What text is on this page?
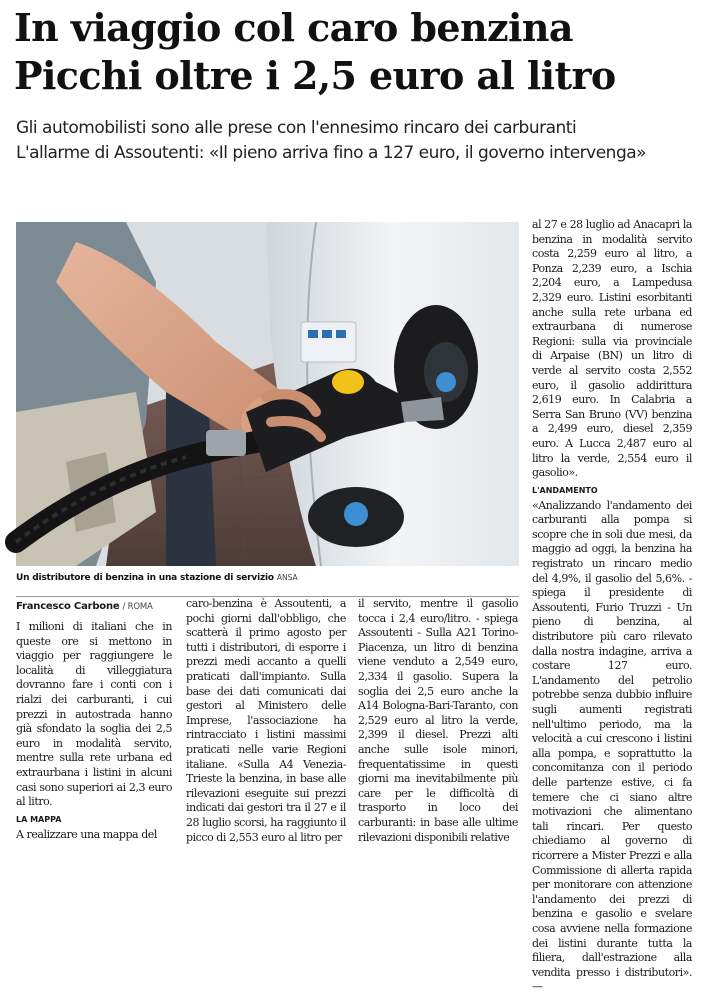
In viaggio col caro benzina
Picchi oltre i 2,5 euro al litro
Gli automobilisti sono alle prese con l'ennesimo rincaro dei carburanti
L'allarme di Assoutenti: «Il pieno arriva fino a 127 euro, il governo intervenga»
Un distributore di benzina in una stazione di servizio ANSA
Francesco Carbone / ROMA

I milioni di italiani che in queste ore si mettono in viaggio per raggiungere le località di villeggiatura dovranno fare i conti con i rialzi dei carburanti, i cui prezzi in autostrada hanno già sfondato la soglia dei 2,5 euro in modalità servito, mentre sulla rete urbana ed extraurbana i listini in alcuni casi sono superiori ai 2,3 euro al litro.

LA MAPPA

A realizzare una mappa del

caro-benzina è Assoutenti, a pochi giorni dall'obbligo, che scatterà il primo agosto per tutti i distributori, di esporre i prezzi medi accanto a quelli praticati dall'impianto. Sulla base dei dati comunicati dai gestori al Ministero delle Imprese, l'associazione ha rintracciato i listini massimi praticati nelle varie Regioni italiane. «Sulla A4 Venezia-Trieste la benzina, in base alle rilevazioni eseguite sui prezzi indicati dai gestori tra il 27 e il 28 luglio scorsi, ha raggiunto il picco di 2,553 euro al litro per

il servito, mentre il gasolio tocca i 2,4 euro/litro. - spiega Assoutenti - Sulla A21 Torino-Piacenza, un litro di benzina viene venduto a 2,549 euro, 2,334 il gasolio. Supera la soglia dei 2,5 euro anche la A14 Bologna-Bari-Taranto, con 2,529 euro al litro la verde, 2,399 il diesel. Prezzi alti anche sulle isole minori, frequentatissime in questi giorni ma inevitabilmente più care per le difficoltà di trasporto in loco dei carburanti: in base alle ultime rilevazioni disponibili relative

al 27 e 28 luglio ad Anacapri la benzina in modalità servito costa 2,259 euro al litro, a Ponza 2,239 euro, a Ischia 2,204 euro, a Lampedusa 2,329 euro. Listini esorbitanti anche sulla rete urbana ed extraurbana di numerose Regioni: sulla via provinciale di Arpaise (BN) un litro di verde al servito costa 2,552 euro, il gasolio addirittura 2,619 euro. In Calabria a Serra San Bruno (VV) benzina a 2,499 euro, diesel 2,359 euro. A Lucca 2,487 euro al litro la verde, 2,554 euro il gasolio».

L'ANDAMENTO

«Analizzando l'andamento dei carburanti alla pompa si scopre che in soli due mesi, da maggio ad oggi, la benzina ha registrato un rincaro medio del 4,9%, il gasolio del 5,6%. - spiega il presidente di Assoutenti, Furio Truzzi - Un pieno di benzina, al distributore più caro rilevato dalla nostra indagine, arriva a costare 127 euro. L'andamento del petrolio potrebbe senza dubbio influire sugli aumenti registrati nell'ultimo periodo, ma la velocità a cui crescono i listini alla pompa, e soprattutto la concomitanza con il periodo delle partenze estive, ci fa temere che ci siano altre motivazioni che alimentano tali rincari. Per questo chiediamo al governo di ricorrere a Mister Prezzi e alla Commissione di allerta rapida per monitorare con attenzione l'andamento dei prezzi di benzina e gasolio e svelare cosa avviene nella formazione dei listini durante tutta la filiera, dall'estrazione alla vendita presso i distributori». —
